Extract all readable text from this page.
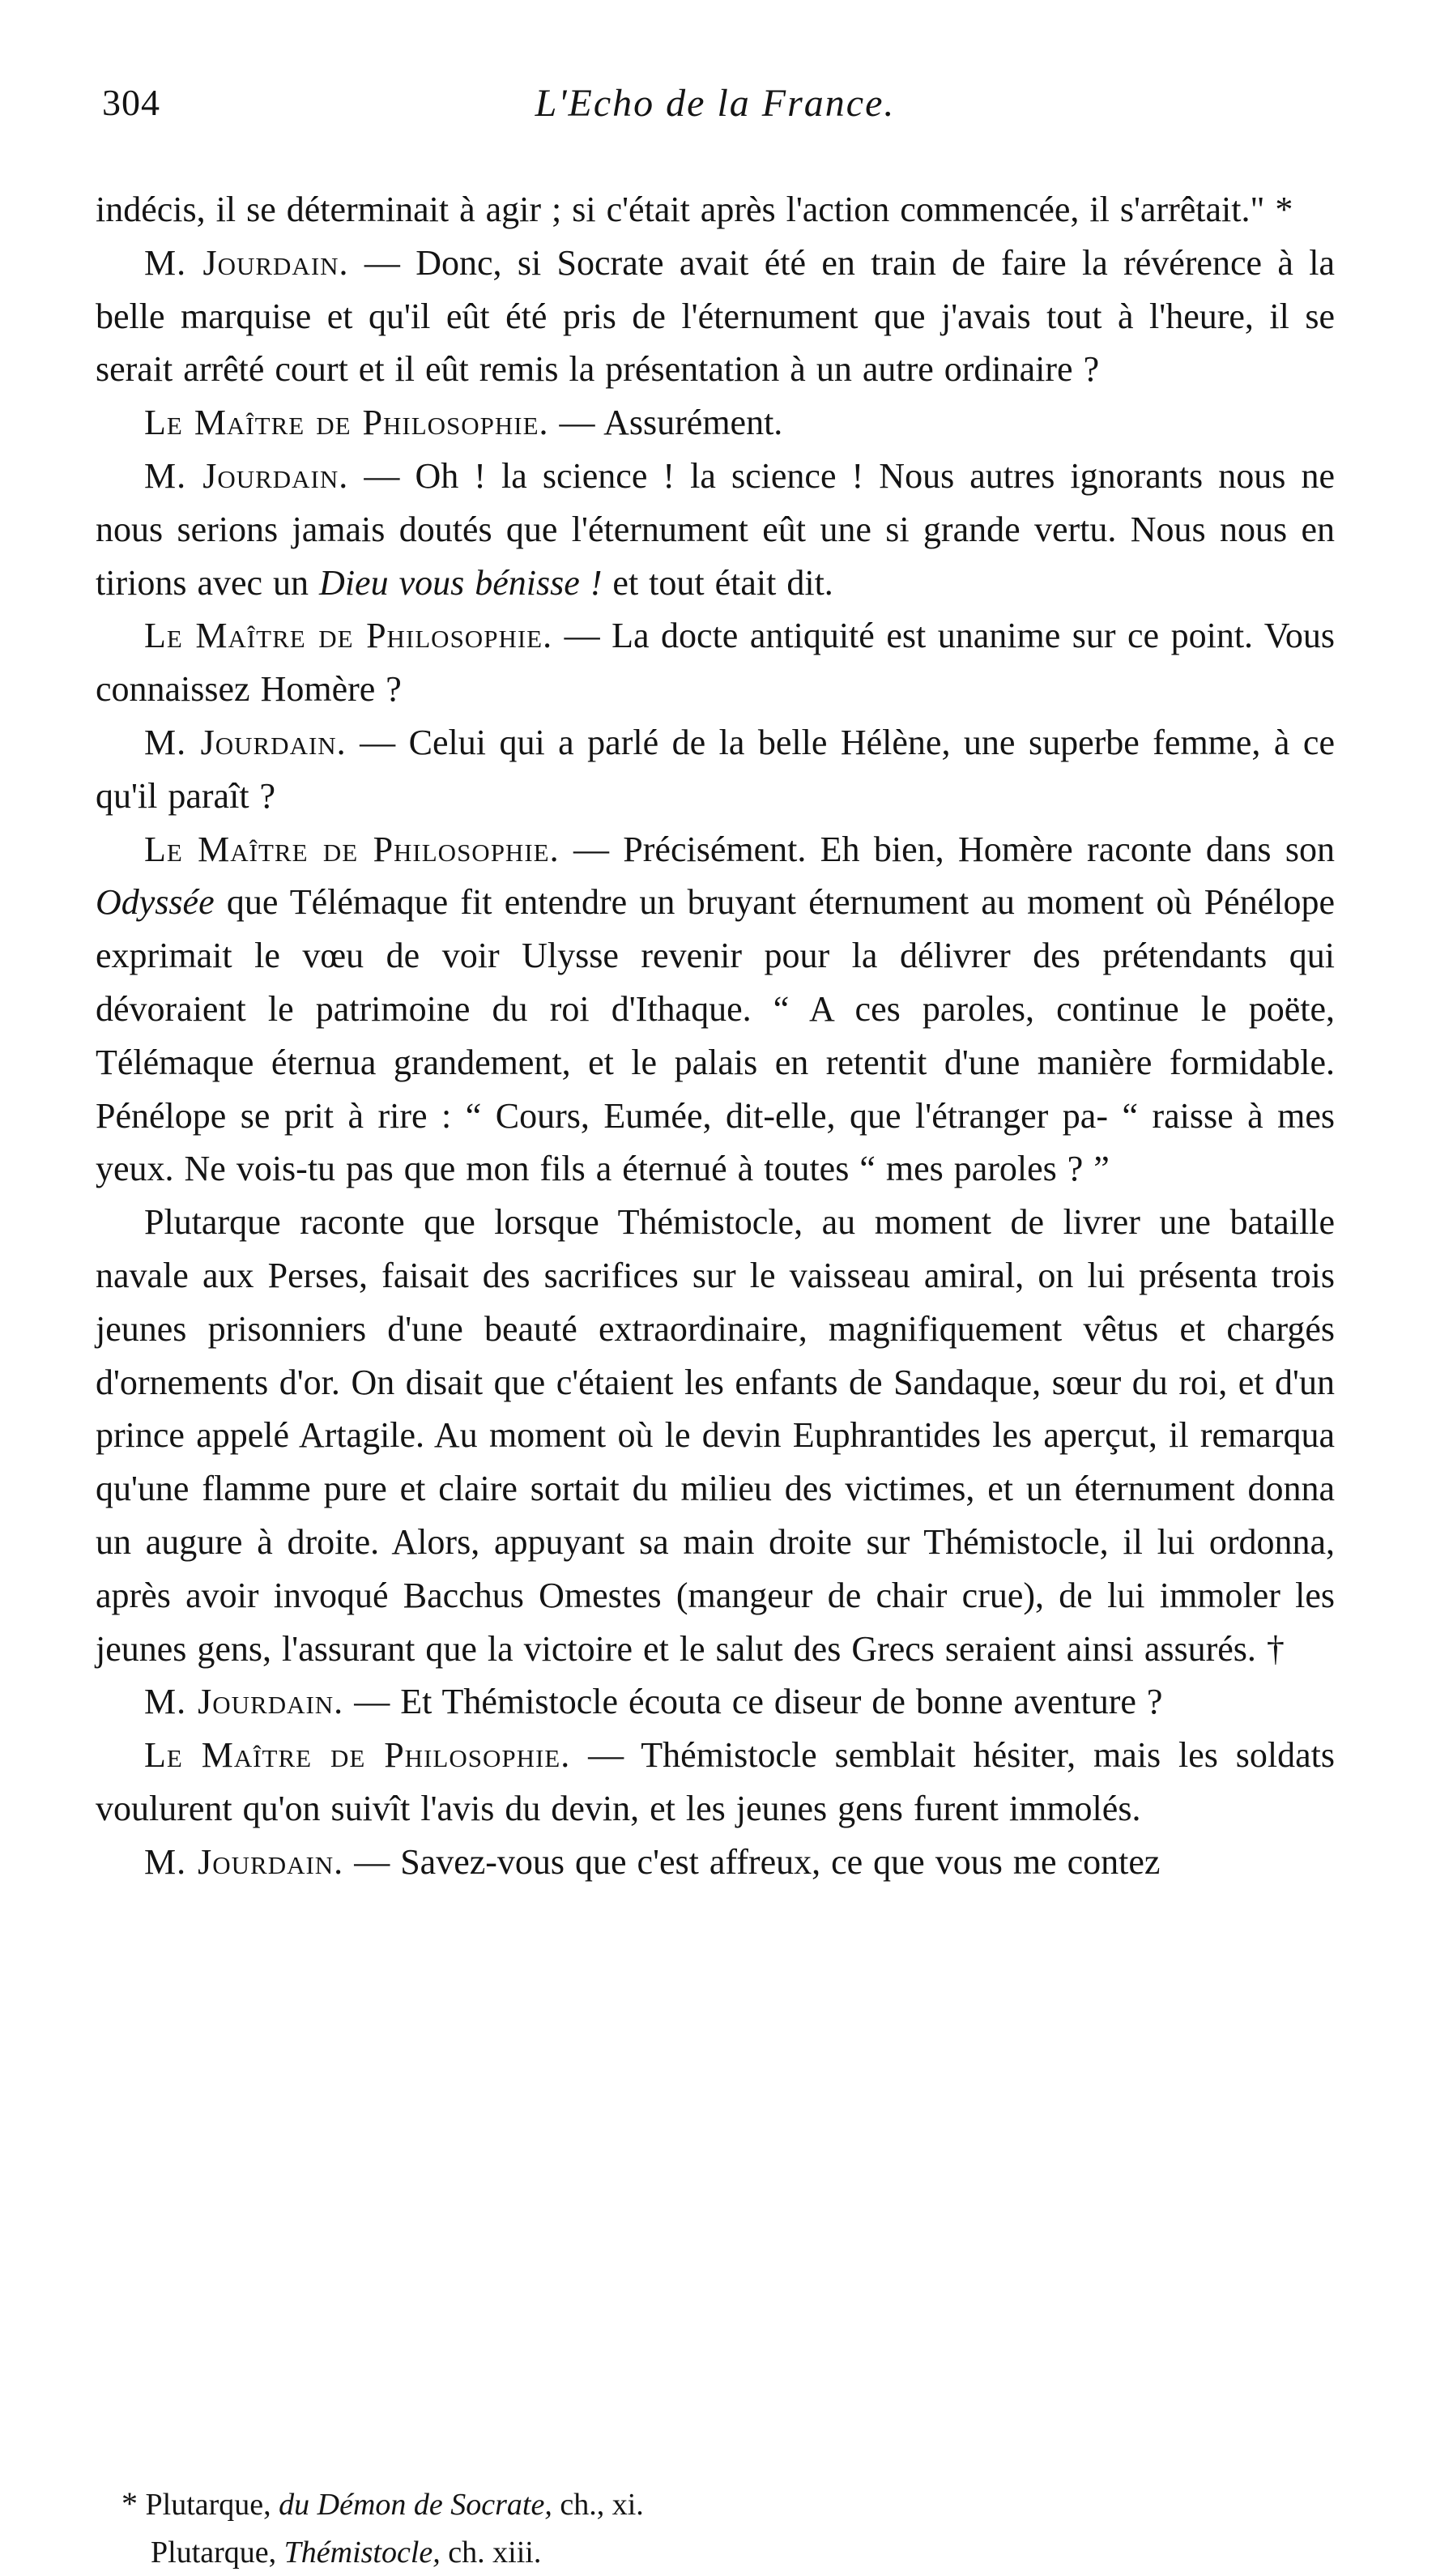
304	L'Echo de la France.

indécis, il se déterminait à agir ; si c'était après l'action commencée, il s'arrêtait." *

M. Jourdain. — Donc, si Socrate avait été en train de faire la révérence à la belle marquise et qu'il eût été pris de l'éternument que j'avais tout à l'heure, il se serait arrêté court et il eût remis la présentation à un autre ordinaire ?

Le Maître de Philosophie. — Assurément.

M. Jourdain. — Oh ! la science ! la science ! Nous autres ignorants nous ne nous serions jamais doutés que l'éternument eût une si grande vertu. Nous nous en tirions avec un Dieu vous bénisse ! et tout était dit.

Le Maître de Philosophie. — La docte antiquité est unanime sur ce point. Vous connaissez Homère ?

M. Jourdain. — Celui qui a parlé de la belle Hélène, une superbe femme, à ce qu'il paraît ?

Le Maître de Philosophie. — Précisément. Eh bien, Homère raconte dans son Odyssée que Télémaque fit entendre un bruyant éternument au moment où Pénélope exprimait le vœu de voir Ulysse revenir pour la délivrer des prétendants qui dévoraient le patrimoine du roi d'Ithaque. “ A ces paroles, continue le poëte, Télémaque éternua grandement, et le palais en retentit d'une manière formidable. Pénélope se prit à rire : “ Cours, Eumée, dit-elle, que l'étranger pa- “ raisse à mes yeux. Ne vois-tu pas que mon fils a éternué à toutes “ mes paroles ? ”

Plutarque raconte que lorsque Thémistocle, au moment de livrer une bataille navale aux Perses, faisait des sacrifices sur le vaisseau amiral, on lui présenta trois jeunes prisonniers d'une beauté extraordinaire, magnifiquement vêtus et chargés d'ornements d'or. On disait que c'étaient les enfants de Sandaque, sœur du roi, et d'un prince appelé Artagile. Au moment où le devin Euphrantides les aperçut, il remarqua qu'une flamme pure et claire sortait du milieu des victimes, et un éternument donna un augure à droite. Alors, appuyant sa main droite sur Thémistocle, il lui ordonna, après avoir invoqué Bacchus Omestes (mangeur de chair crue), de lui immoler les jeunes gens, l'assurant que la victoire et le salut des Grecs seraient ainsi assurés. †

M. Jourdain. — Et Thémistocle écouta ce diseur de bonne aventure ?

Le Maître de Philosophie. — Thémistocle semblait hésiter, mais les soldats voulurent qu'on suivît l'avis du devin, et les jeunes gens furent immolés.

M. Jourdain. — Savez-vous que c'est affreux, ce que vous me contez

* Plutarque, du Démon de Socrate, ch., xi.

Plutarque, Thémistocle, ch. xiii.
